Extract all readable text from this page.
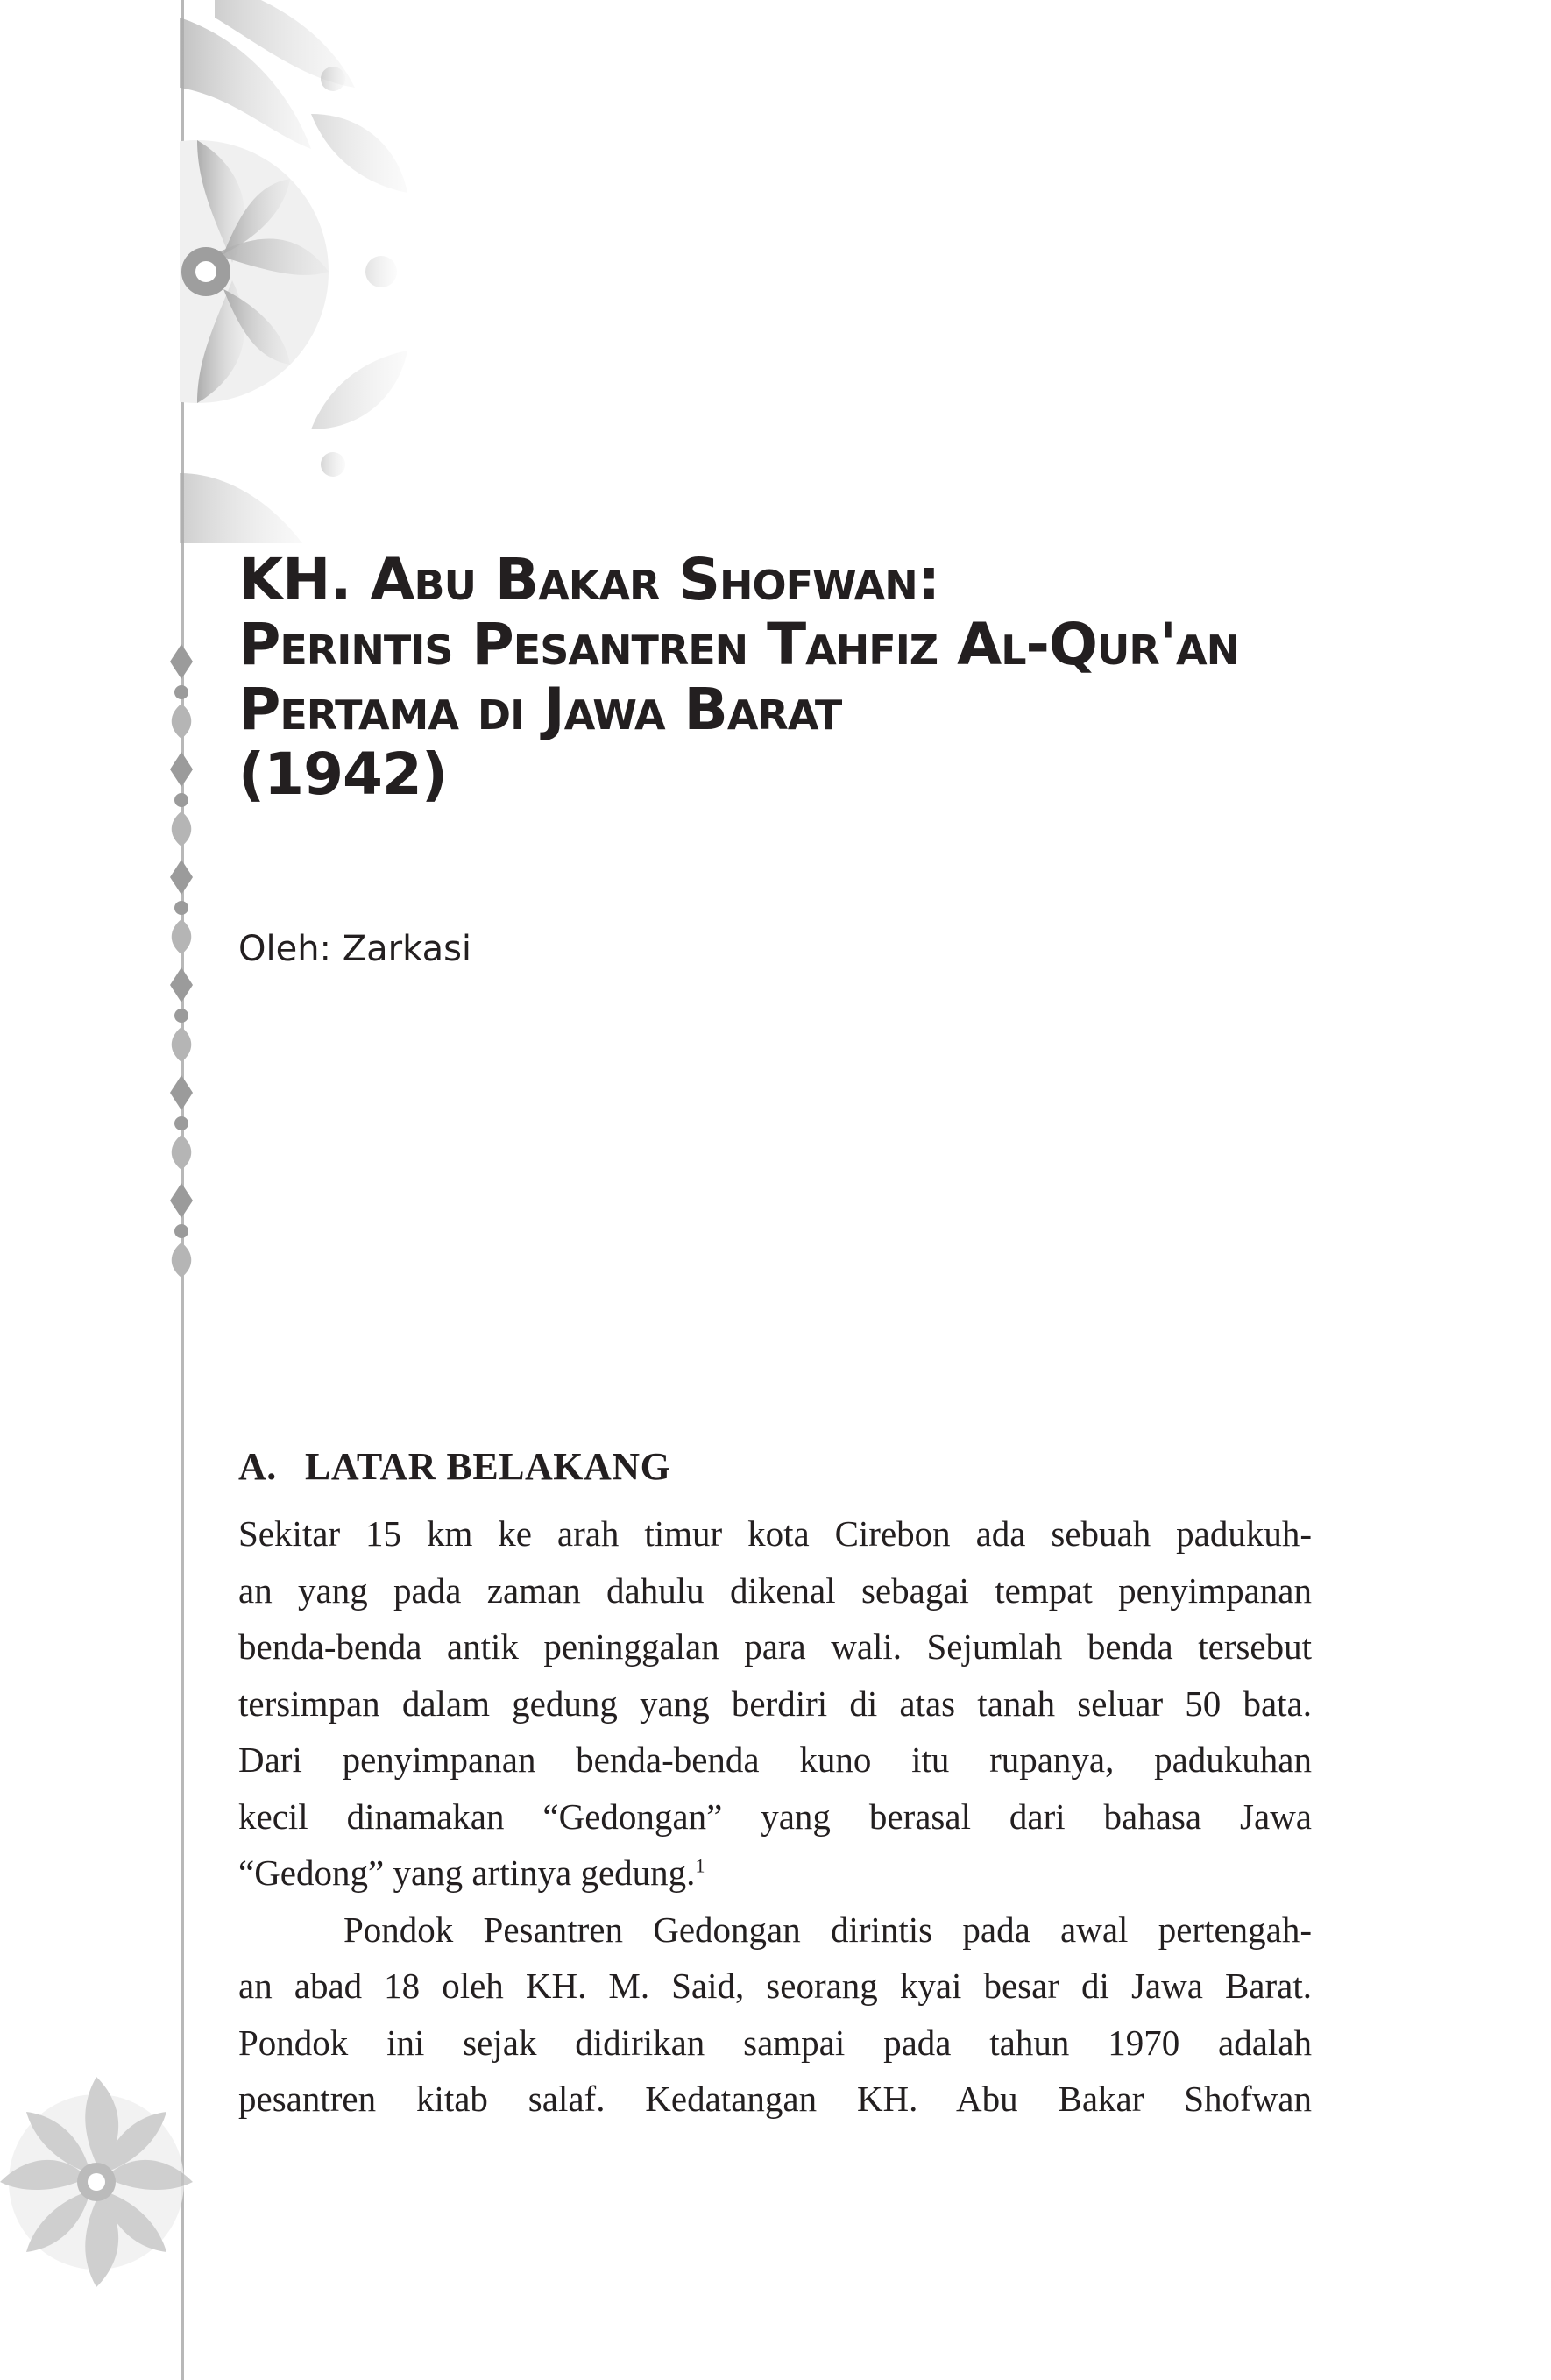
KH. Abu Bakar Shofwan:
Perintis Pesantren Tahfiz Al-Qur'an
Pertama di Jawa Barat
(1942)

Oleh: Zarkasi

A. LATAR BELAKANG

Sekitar 15 km ke arah timur kota Cirebon ada sebuah padukuh-
an yang pada zaman dahulu dikenal sebagai tempat penyimpanan
benda-benda antik peninggalan para wali. Sejumlah benda tersebut
tersimpan dalam gedung yang berdiri di atas tanah seluar 50 bata.
Dari penyimpanan benda-benda kuno itu rupanya, padukuhan
kecil dinamakan “Gedongan” yang berasal dari bahasa Jawa
“Gedong” yang artinya gedung.$^1$

Pondok Pesantren Gedongan dirintis pada awal pertengah-
an abad 18 oleh KH. M. Said, seorang kyai besar di Jawa Barat.
Pondok ini sejak didirikan sampai pada tahun 1970 adalah
pesantren kitab salaf. Kedatangan KH. Abu Bakar Shofwan
